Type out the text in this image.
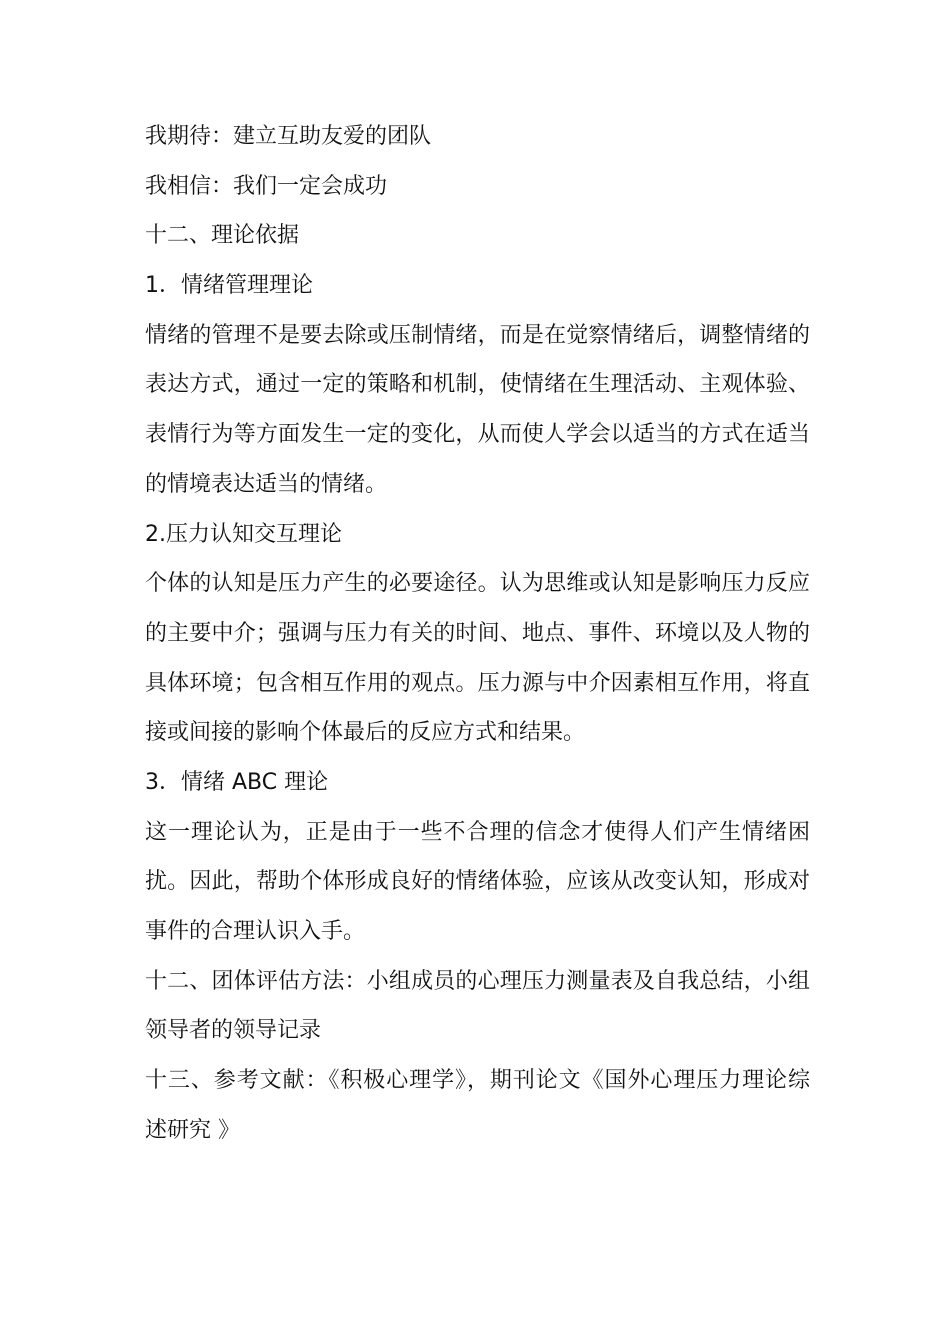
我期待：建立互助友爱的团队
我相信：我们一定会成功
十二、理论依据
1．情绪管理理论
情绪的管理不是要去除或压制情绪，而是在觉察情绪后，调整情绪的
表达方式，通过一定的策略和机制，使情绪在生理活动、主观体验、
表情行为等方面发生一定的变化，从而使人学会以适当的方式在适当
的情境表达适当的情绪。
2.压力认知交互理论
个体的认知是压力产生的必要途径。认为思维或认知是影响压力反应
的主要中介；强调与压力有关的时间、地点、事件、环境以及人物的
具体环境；包含相互作用的观点。压力源与中介因素相互作用，将直
接或间接的影响个体最后的反应方式和结果。
3．情绪 ABC 理论
这一理论认为，正是由于一些不合理的信念才使得人们产生情绪困
扰。因此，帮助个体形成良好的情绪体验，应该从改变认知，形成对
事件的合理认识入手。
十二、团体评估方法：小组成员的心理压力测量表及自我总结，小组
领导者的领导记录
十三、参考文献：《积极心理学》，期刊论文《国外心理压力理论综
述研究 》
